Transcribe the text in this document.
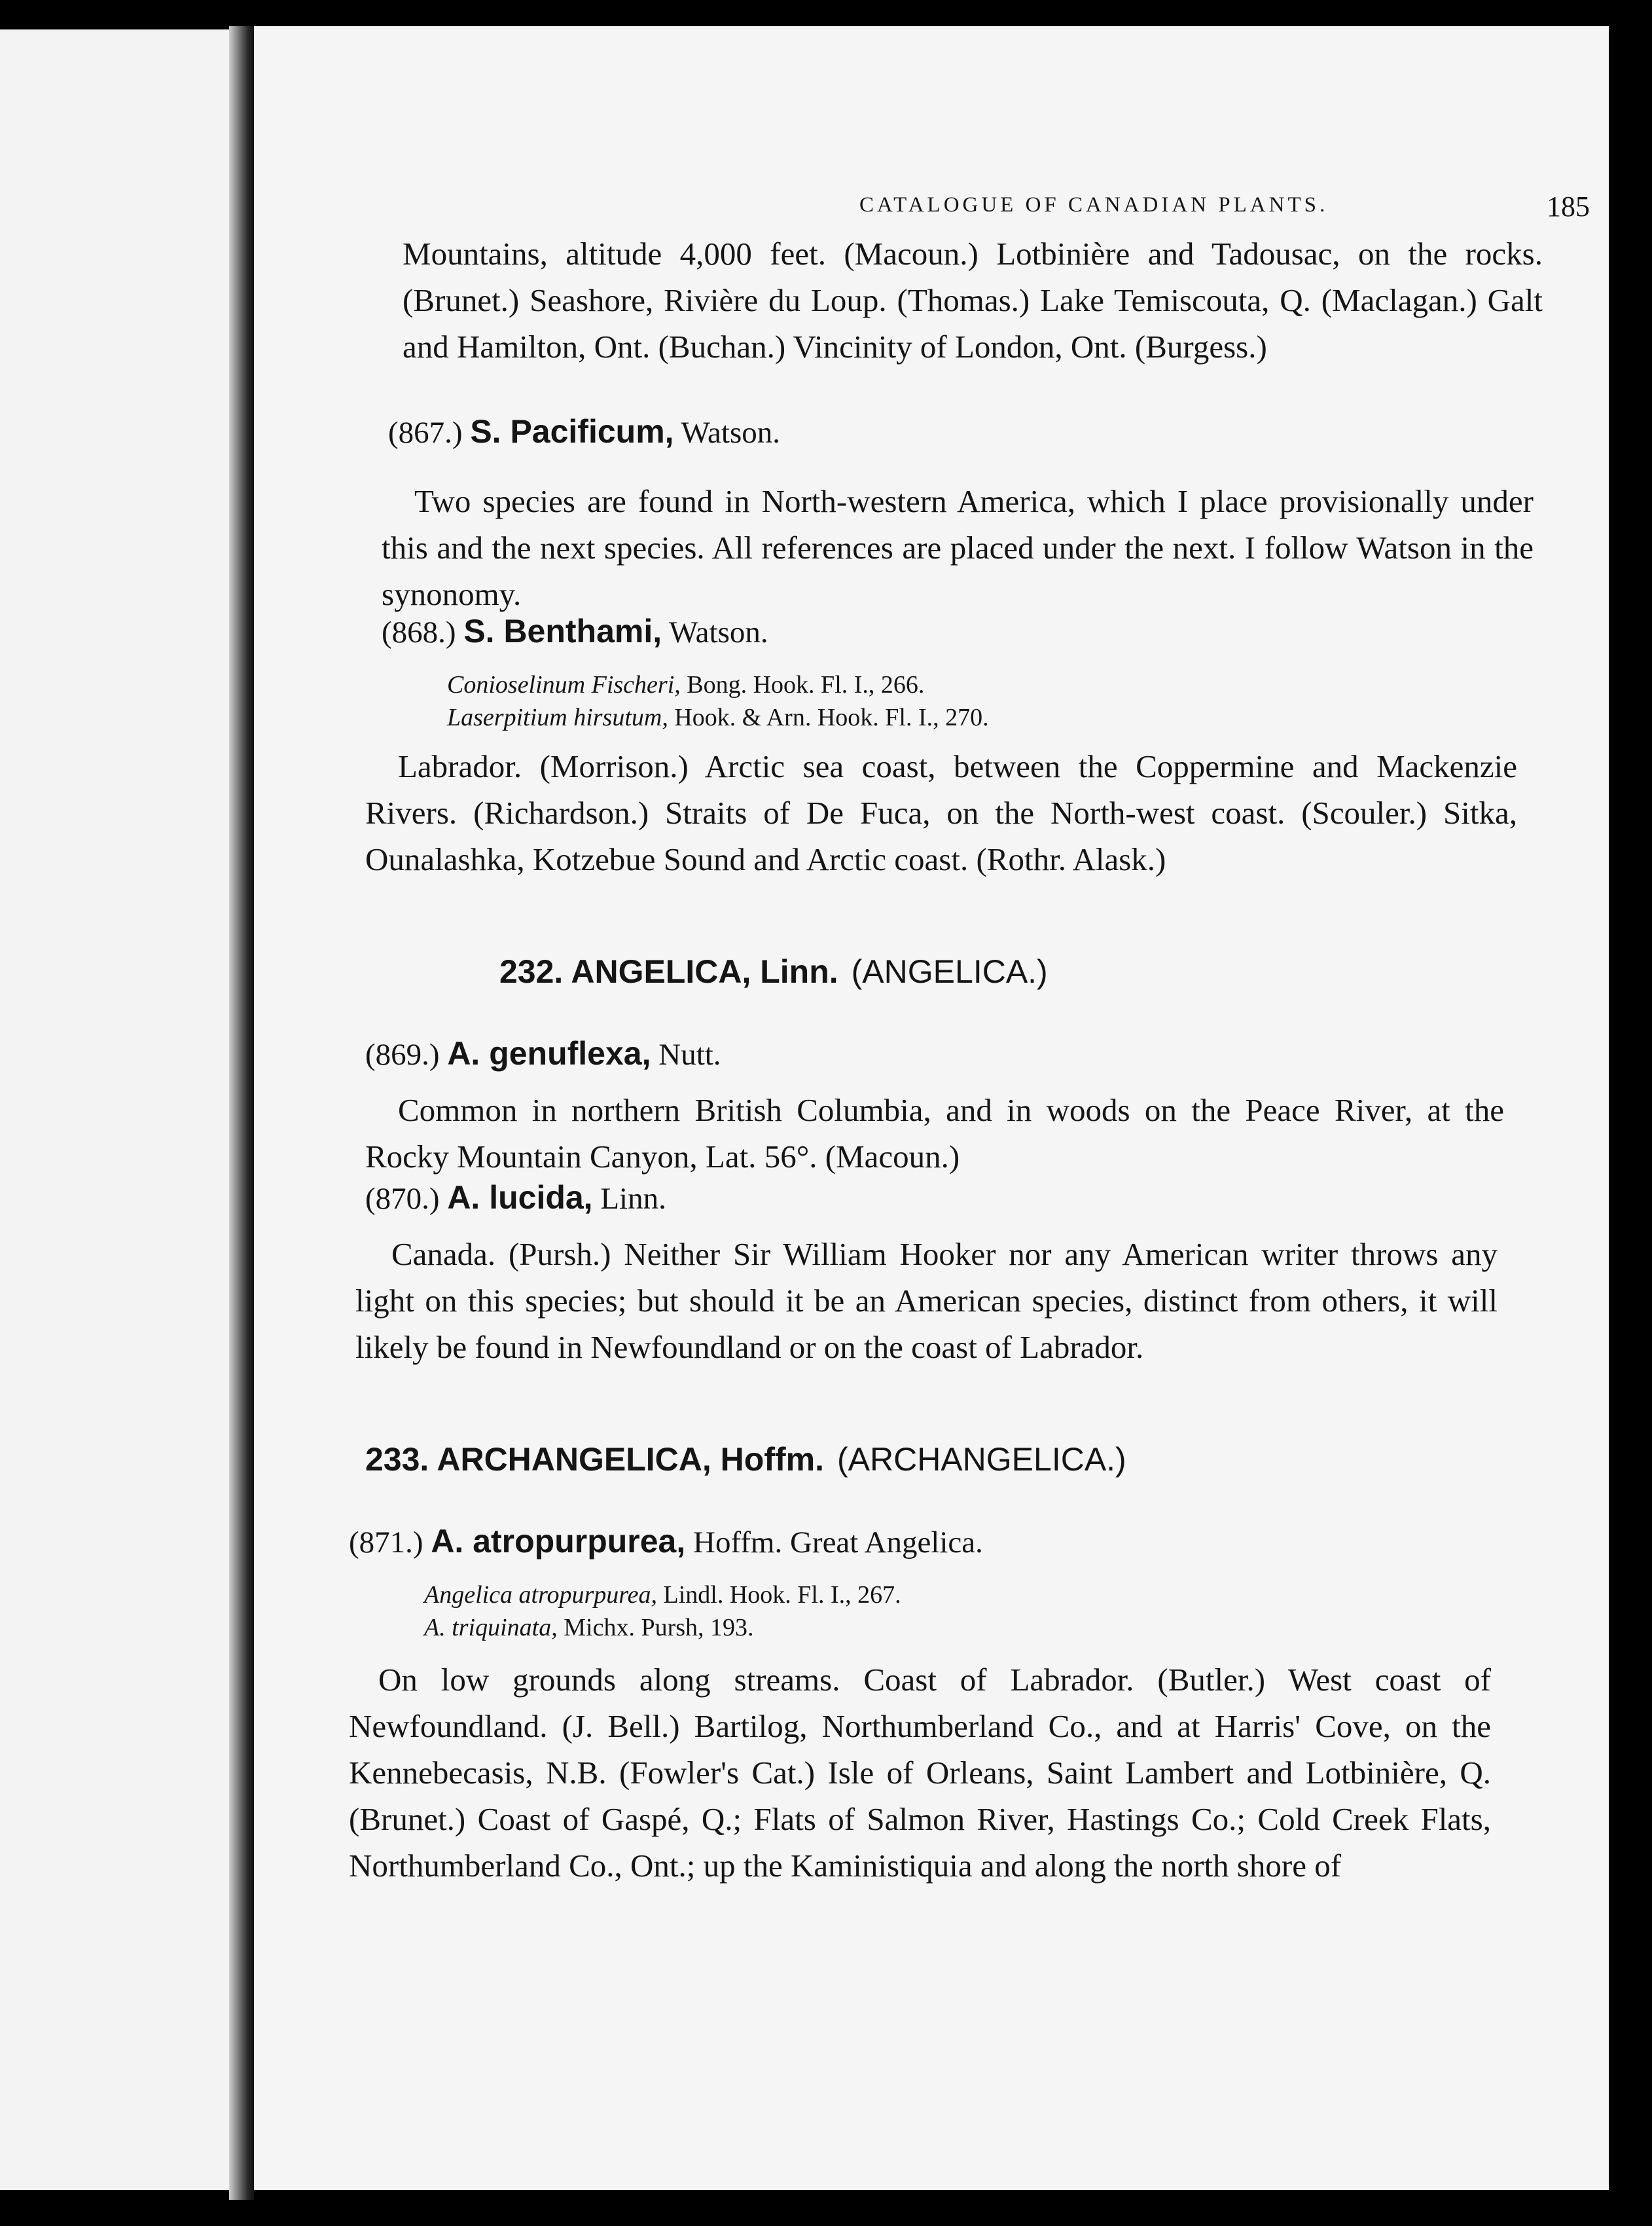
CATALOGUE OF CANADIAN PLANTS.	185

Mountains, altitude 4,000 feet. (Macoun.) Lotbinière and Tadousac, on the rocks. (Brunet.) Seashore, Rivière du Loup. (Thomas.) Lake Temiscouta, Q. (Maclagan.) Galt and Hamilton, Ont. (Buchan.) Vincinity of London, Ont. (Burgess.)

(867.) S. Pacificum, Watson.

Two species are found in North-western America, which I place provisionally under this and the next species. All references are placed under the next. I follow Watson in the synonomy.

(868.) S. Benthami, Watson.
Conioselinum Fischeri, Bong. Hook. Fl. I., 266.
Laserpitium hirsutum, Hook. & Arn. Hook. Fl. I., 270.

Labrador. (Morrison.) Arctic sea coast, between the Coppermine and Mackenzie Rivers. (Richardson.) Straits of De Fuca, on the North-west coast. (Scouler.) Sitka, Ounalashka, Kotzebue Sound and Arctic coast. (Rothr. Alask.)

232. ANGELICA, Linn. (ANGELICA.)
(869.) A. genuflexa, Nutt.

Common in northern British Columbia, and in woods on the Peace River, at the Rocky Mountain Canyon, Lat. 56°. (Macoun.)

(870.) A. lucida, Linn.

Canada. (Pursh.) Neither Sir William Hooker nor any American writer throws any light on this species; but should it be an American species, distinct from others, it will likely be found in Newfoundland or on the coast of Labrador.

233. ARCHANGELICA, Hoffm. (ARCHANGELICA.)
(871.) A. atropurpurea, Hoffm. Great Angelica.
Angelica atropurpurea, Lindl. Hook. Fl. I., 267.
A. triquinata, Michx. Pursh, 193.

On low grounds along streams. Coast of Labrador. (Butler.) West coast of Newfoundland. (J. Bell.) Bartilog, Northumberland Co., and at Harris' Cove, on the Kennebecasis, N.B. (Fowler's Cat.) Isle of Orleans, Saint Lambert and Lotbinière, Q. (Brunet.) Coast of Gaspé, Q.; Flats of Salmon River, Hastings Co.; Cold Creek Flats, Northumberland Co., Ont.; up the Kaministiquia and along the north shore of
